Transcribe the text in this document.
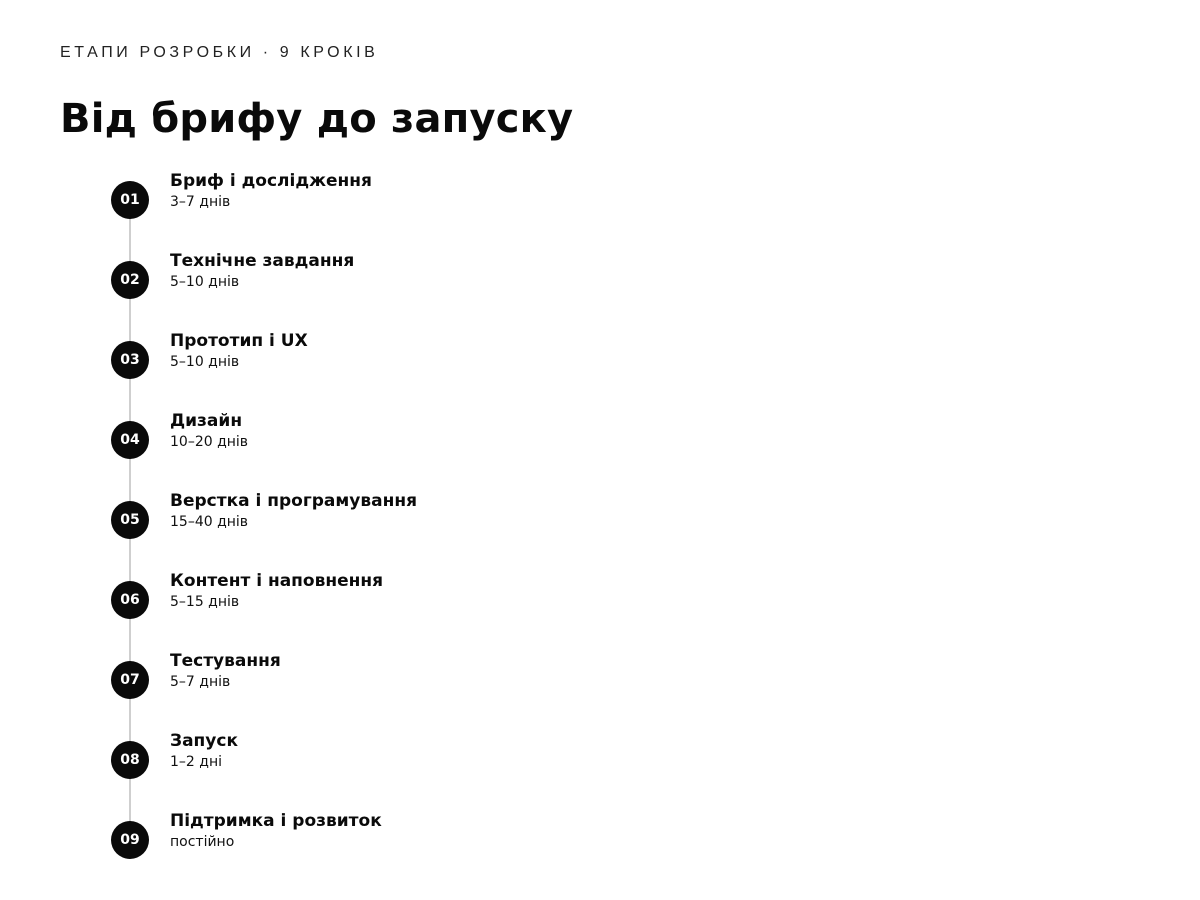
ЕТАПИ РОЗРОБКИ · 9 КРОКІВ
Від брифу до запуску
01
Бриф і дослідження
3–7 днів
02
Технічне завдання
5–10 днів
03
Прототип і UX
5–10 днів
04
Дизайн
10–20 днів
05
Верстка і програмування
15–40 днів
06
Контент і наповнення
5–15 днів
07
Тестування
5–7 днів
08
Запуск
1–2 дні
09
Підтримка і розвиток
постійно
